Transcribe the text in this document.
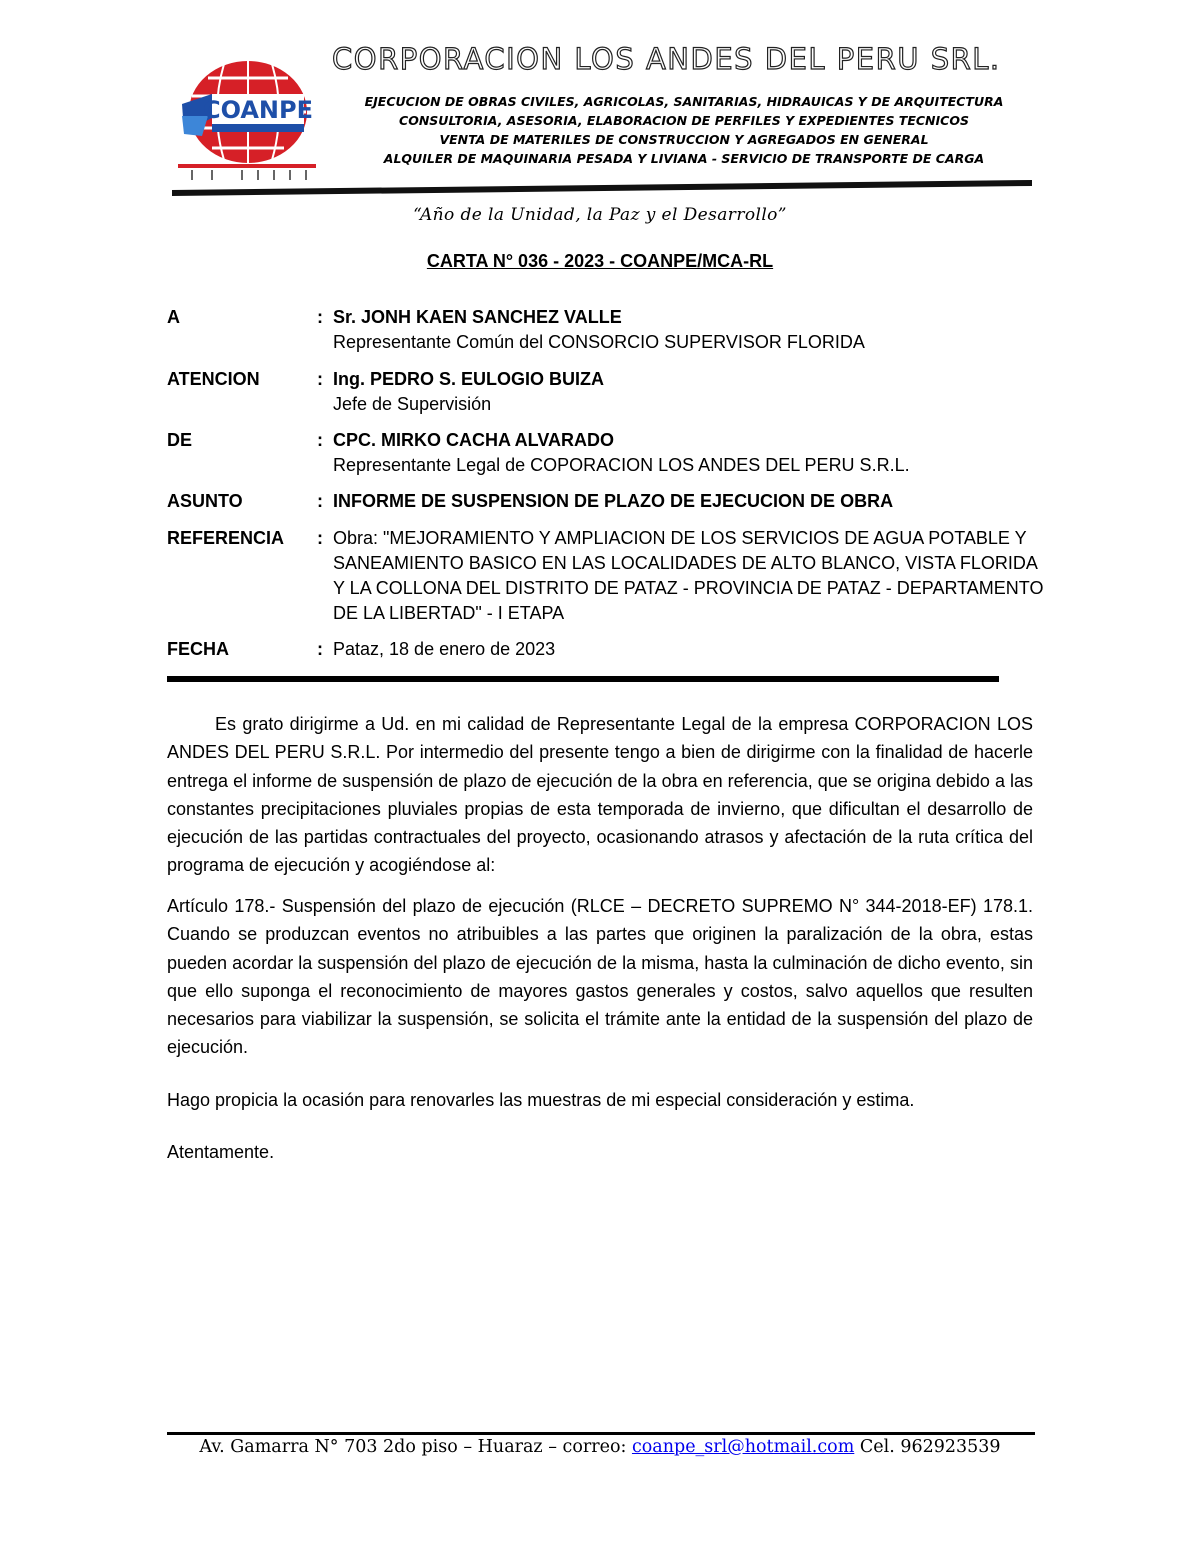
COANPE
CORPORACION LOS ANDES DEL PERU SRL.
EJECUCION DE OBRAS CIVILES, AGRICOLAS, SANITARIAS, HIDRAUICAS Y DE ARQUITECTURA
CONSULTORIA, ASESORIA, ELABORACION DE PERFILES Y EXPEDIENTES TECNICOS
VENTA DE MATERILES DE CONSTRUCCION Y AGREGADOS EN GENERAL
ALQUILER DE MAQUINARIA PESADA Y LIVIANA - SERVICIO DE TRANSPORTE DE CARGA
“Año de la Unidad, la Paz y el Desarrollo”
CARTA N° 036 - 2023 - COANPE/MCA-RL
A	: Sr. JONH KAEN SANCHEZ VALLE
Representante Común del CONSORCIO SUPERVISOR FLORIDA
ATENCION	: Ing. PEDRO S. EULOGIO BUIZA
Jefe de Supervisión
DE	: CPC. MIRKO CACHA ALVARADO
Representante Legal de COPORACION LOS ANDES DEL PERU S.R.L.
ASUNTO	: INFORME DE SUSPENSION DE PLAZO DE EJECUCION DE OBRA
REFERENCIA : Obra: "MEJORAMIENTO Y AMPLIACION DE LOS SERVICIOS DE AGUA POTABLE Y
SANEAMIENTO BASICO EN LAS LOCALIDADES DE ALTO BLANCO, VISTA FLORIDA
Y LA COLLONA DEL DISTRITO DE PATAZ - PROVINCIA DE PATAZ - DEPARTAMENTO
DE LA LIBERTAD" - I ETAPA
FECHA	: Pataz, 18 de enero de 2023
Es grato dirigirme a Ud. en mi calidad de Representante Legal de la empresa CORPORACION LOS ANDES DEL PERU S.R.L. Por intermedio del presente tengo a bien de dirigirme con la finalidad de hacerle entrega el informe de suspensión de plazo de ejecución de la obra en referencia, que se origina debido a las constantes precipitaciones pluviales propias de esta temporada de invierno, que dificultan el desarrollo de ejecución de las partidas contractuales del proyecto, ocasionando atrasos y afectación de la ruta crítica del programa de ejecución y acogiéndose al:
Artículo 178.- Suspensión del plazo de ejecución (RLCE – DECRETO SUPREMO N° 344-2018-EF) 178.1. Cuando se produzcan eventos no atribuibles a las partes que originen la paralización de la obra, estas pueden acordar la suspensión del plazo de ejecución de la misma, hasta la culminación de dicho evento, sin que ello suponga el reconocimiento de mayores gastos generales y costos, salvo aquellos que resulten necesarios para viabilizar la suspensión, se solicita el trámite ante la entidad de la suspensión del plazo de ejecución.
Hago propicia la ocasión para renovarles las muestras de mi especial consideración y estima.
Atentamente.
Av. Gamarra N° 703 2do piso – Huaraz – correo: coanpe_srl@hotmail.com Cel. 962923539
